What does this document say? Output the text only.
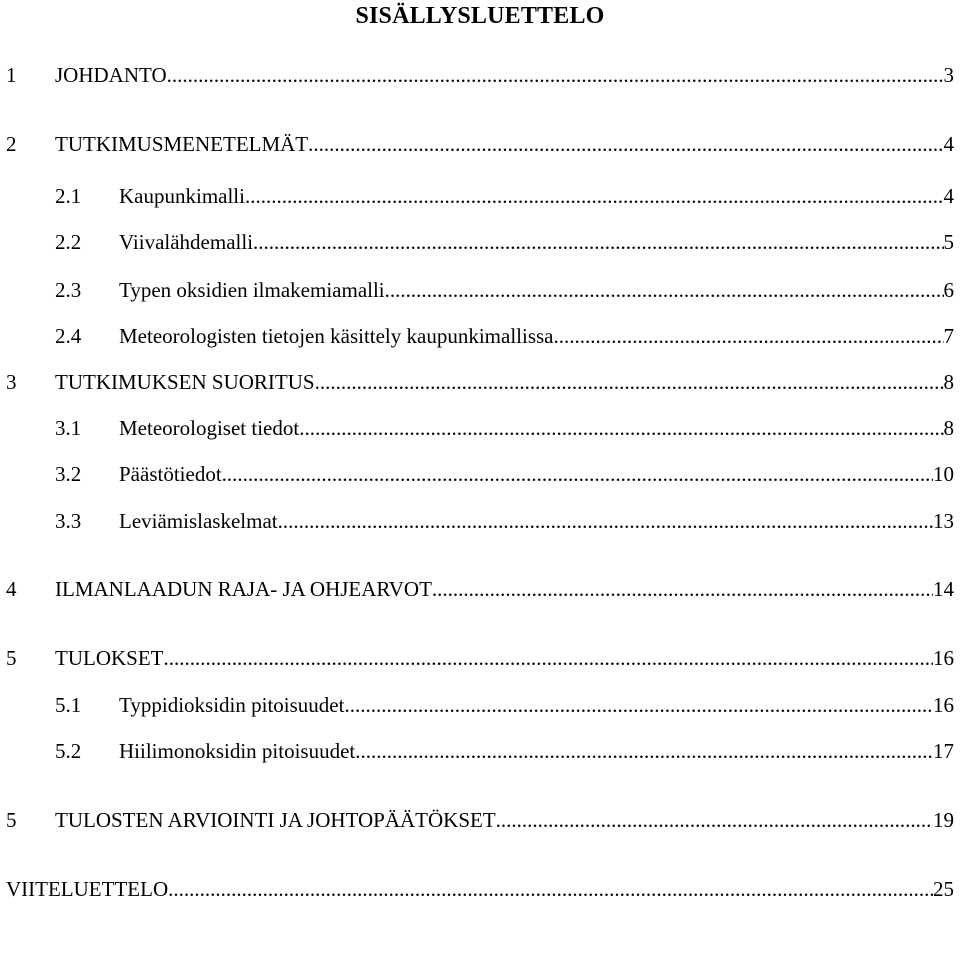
SISÄLLYSLUETTELO
1 JOHDANTO .....	3
2 TUTKIMUSMENETELMÄT .....	4
2.1 Kaupunkimalli .....	4
2.2 Viivalähdemalli .....	5
2.3 Typen oksidien ilmakemiamalli .....	6
2.4 Meteorologisten tietojen käsittely kaupunkimallissa .....	7
3 TUTKIMUKSEN SUORITUS .....	8
3.1 Meteorologiset tiedot .....	8
3.2 Päästötiedot .....	10
3.3 Leviämislaskelmat .....	13
4 ILMANLAADUN RAJA- JA OHJEARVOT .....	14
5 TULOKSET .....	16
5.1 Typpidioksidin pitoisuudet .....	16
5.2 Hiilimonoksidin pitoisuudet .....	17
5 TULOSTEN ARVIOINTI JA JOHTOPÄÄTÖKSET .....	19
VIITELUETTELO .....	25
